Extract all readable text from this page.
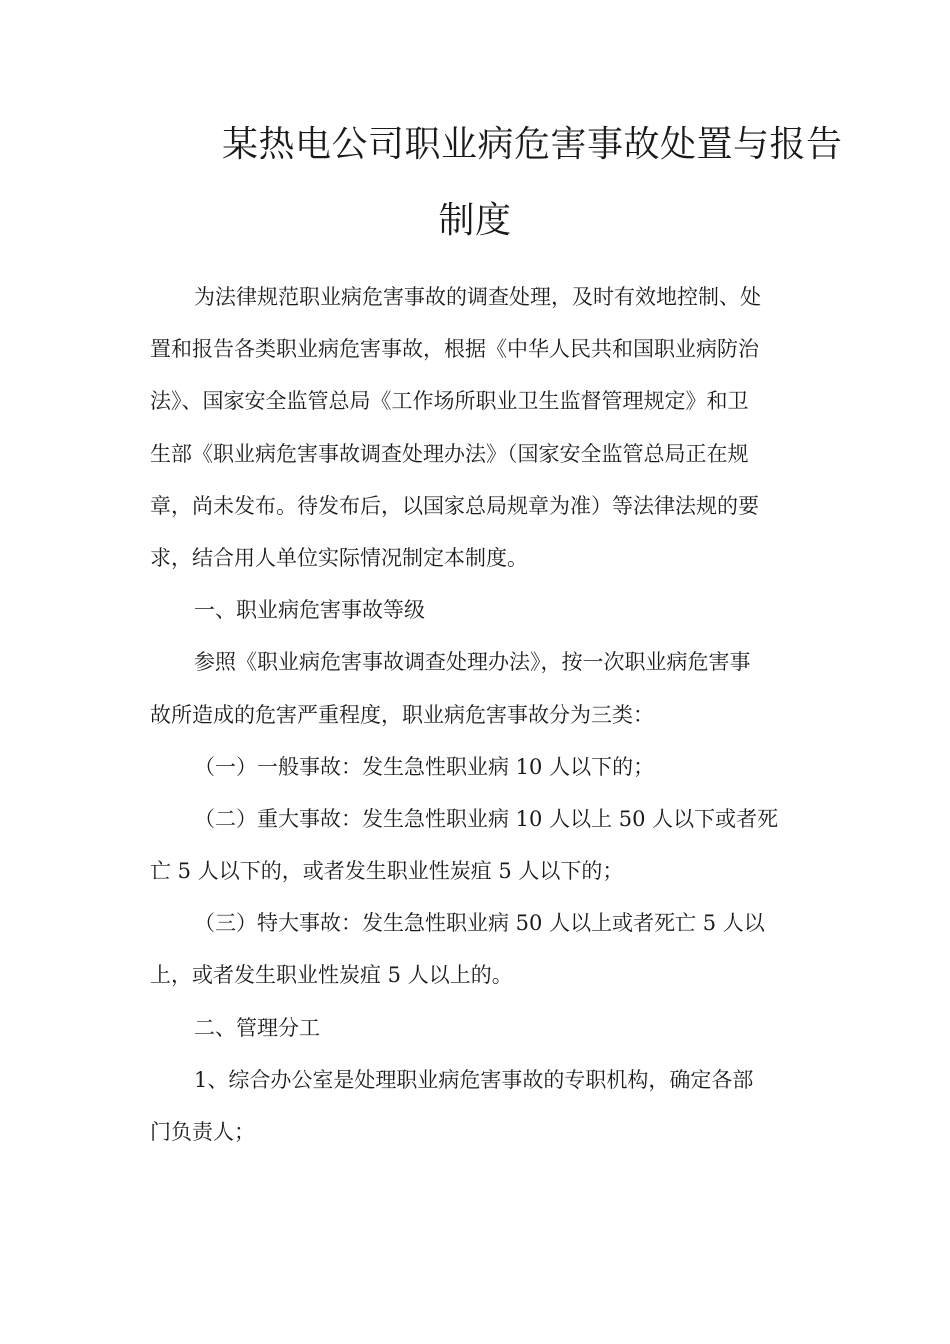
某热电公司职业病危害事故处置与报告
制度
为法律规范职业病危害事故的调查处理，及时有效地控制、处
置和报告各类职业病危害事故，根据《中华人民共和国职业病防治
法》、国家安全监管总局《工作场所职业卫生监督管理规定》和卫
生部《职业病危害事故调查处理办法》（国家安全监管总局正在规
章，尚未发布。待发布后，以国家总局规章为准）等法律法规的要
求，结合用人单位实际情况制定本制度。
一、职业病危害事故等级
参照《职业病危害事故调查处理办法》，按一次职业病危害事
故所造成的危害严重程度，职业病危害事故分为三类：
（一）一般事故：发生急性职业病 10 人以下的；
（二）重大事故：发生急性职业病 10 人以上 50 人以下或者死
亡 5 人以下的，或者发生职业性炭疽 5 人以下的；
（三）特大事故：发生急性职业病 50 人以上或者死亡 5 人以
上，或者发生职业性炭疽 5 人以上的。
二、管理分工
1、综合办公室是处理职业病危害事故的专职机构，确定各部
门负责人；
